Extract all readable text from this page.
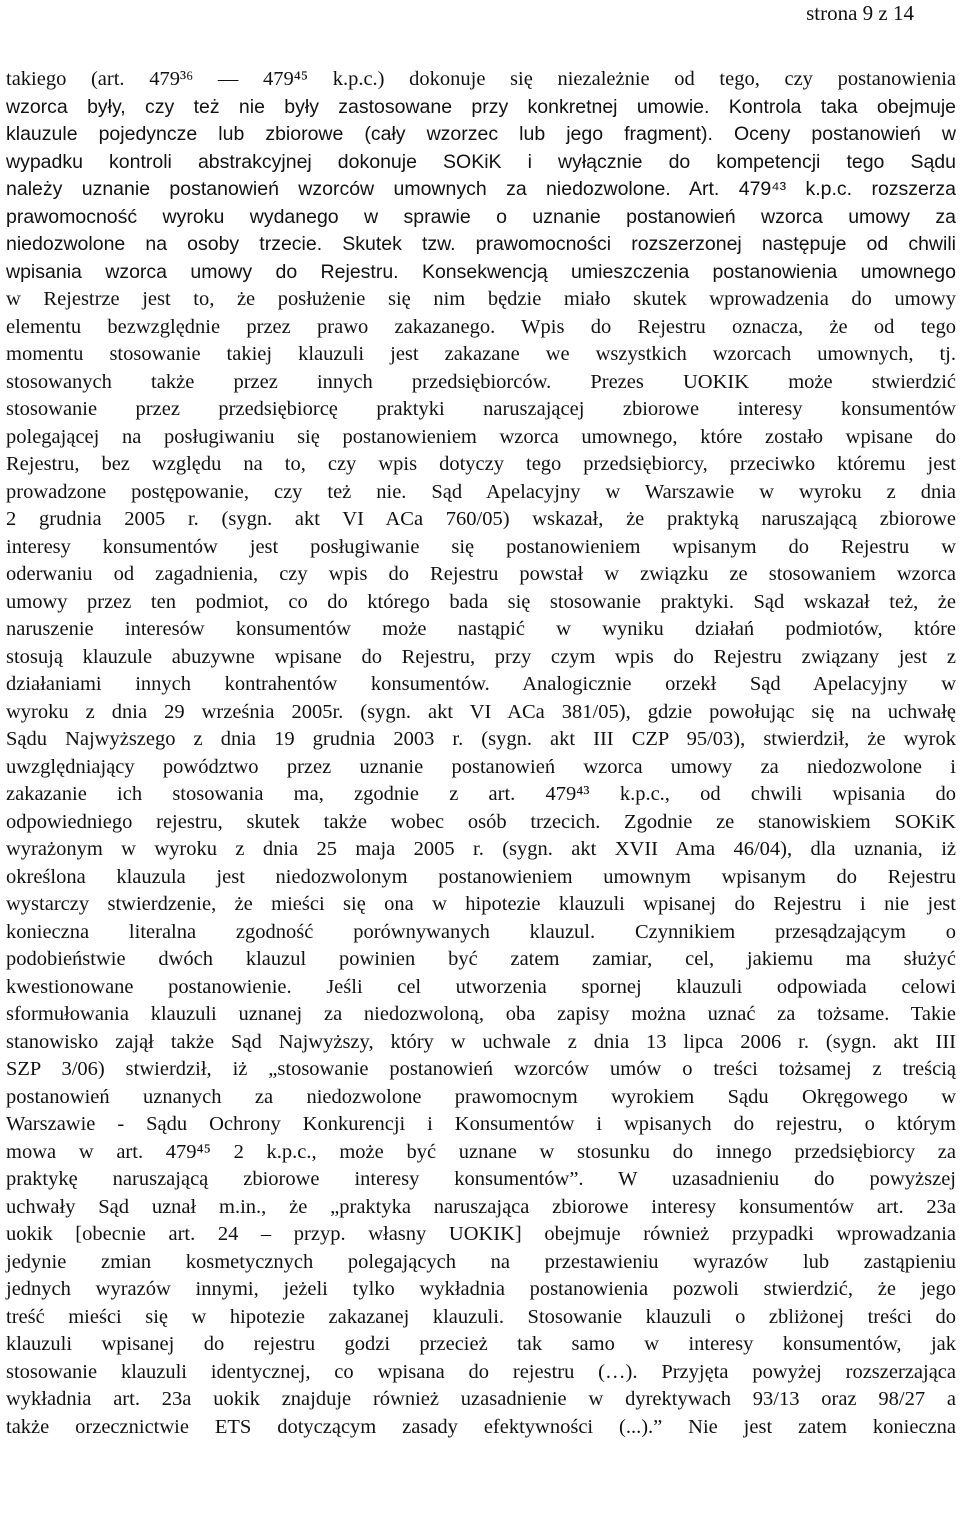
strona 9 z 14
takiego (art. 479³⁶ — 479⁴⁵ k.p.c.) dokonuje się niezależnie od tego, czy postanowienia
wzorca były, czy też nie były zastosowane przy konkretnej umowie. Kontrola taka obejmuje
klauzule pojedyncze lub zbiorowe (cały wzorzec lub jego fragment). Oceny postanowień w
wypadku kontroli abstrakcyjnej dokonuje SOKiK i wyłącznie do kompetencji tego Sądu
należy uznanie postanowień wzorców umownych za niedozwolone. Art. 479⁴³ k.p.c. rozszerza
prawomocność wyroku wydanego w sprawie o uznanie postanowień wzorca umowy za
niedozwolone na osoby trzecie. Skutek tzw. prawomocności rozszerzonej następuje od chwili
wpisania wzorca umowy do Rejestru. Konsekwencją umieszczenia postanowienia umownego
w Rejestrze jest to, że posłużenie się nim będzie miało skutek wprowadzenia do umowy
elementu bezwzględnie przez prawo zakazanego. Wpis do Rejestru oznacza, że od tego
momentu stosowanie takiej klauzuli jest zakazane we wszystkich wzorcach umownych, tj.
stosowanych także przez innych przedsiębiorców. Prezes UOKIK może stwierdzić
stosowanie przez przedsiębiorcę praktyki naruszającej zbiorowe interesy konsumentów
polegającej na posługiwaniu się postanowieniem wzorca umownego, które zostało wpisane do
Rejestru, bez względu na to, czy wpis dotyczy tego przedsiębiorcy, przeciwko któremu jest
prowadzone postępowanie, czy też nie. Sąd Apelacyjny w Warszawie w wyroku z dnia
2 grudnia 2005 r. (sygn. akt VI ACa 760/05) wskazał, że praktyką naruszającą zbiorowe
interesy konsumentów jest posługiwanie się postanowieniem wpisanym do Rejestru w
oderwaniu od zagadnienia, czy wpis do Rejestru powstał w związku ze stosowaniem wzorca
umowy przez ten podmiot, co do którego bada się stosowanie praktyki. Sąd wskazał też, że
naruszenie interesów konsumentów może nastąpić w wyniku działań podmiotów, które
stosują klauzule abuzywne wpisane do Rejestru, przy czym wpis do Rejestru związany jest z
działaniami innych kontrahentów konsumentów. Analogicznie orzekł Sąd Apelacyjny w
wyroku z dnia 29 września 2005r. (sygn. akt VI ACa 381/05), gdzie powołując się na uchwałę
Sądu Najwyższego z dnia 19 grudnia 2003 r. (sygn. akt III CZP 95/03), stwierdził, że wyrok
uwzględniający powództwo przez uznanie postanowień wzorca umowy za niedozwolone i
zakazanie ich stosowania ma, zgodnie z art. 479⁴³ k.p.c., od chwili wpisania do
odpowiedniego rejestru, skutek także wobec osób trzecich. Zgodnie ze stanowiskiem SOKiK
wyrażonym w wyroku z dnia 25 maja 2005 r. (sygn. akt XVII Ama 46/04), dla uznania, iż
określona klauzula jest niedozwolonym postanowieniem umownym wpisanym do Rejestru
wystarczy stwierdzenie, że mieści się ona w hipotezie klauzuli wpisanej do Rejestru i nie jest
konieczna literalna zgodność porównywanych klauzul. Czynnikiem przesądzającym o
podobieństwie dwóch klauzul powinien być zatem zamiar, cel, jakiemu ma służyć
kwestionowane postanowienie. Jeśli cel utworzenia spornej klauzuli odpowiada celowi
sformułowania klauzuli uznanej za niedozwoloną, oba zapisy można uznać za tożsame. Takie
stanowisko zajął także Sąd Najwyższy, który w uchwale z dnia 13 lipca 2006 r. (sygn. akt III
SZP 3/06) stwierdził, iż „stosowanie postanowień wzorców umów o treści tożsamej z treścią
postanowień uznanych za niedozwolone prawomocnym wyrokiem Sądu Okręgowego w
Warszawie - Sądu Ochrony Konkurencji i Konsumentów i wpisanych do rejestru, o którym
mowa w art. 479⁴⁵ 2 k.p.c., może być uznane w stosunku do innego przedsiębiorcy za
praktykę naruszającą zbiorowe interesy konsumentów”. W uzasadnieniu do powyższej
uchwały Sąd uznał m.in., że „praktyka naruszająca zbiorowe interesy konsumentów art. 23a
uokik [obecnie art. 24 – przyp. własny UOKIK] obejmuje również przypadki wprowadzania
jedynie zmian kosmetycznych polegających na przestawieniu wyrazów lub zastąpieniu
jednych wyrazów innymi, jeżeli tylko wykładnia postanowienia pozwoli stwierdzić, że jego
treść mieści się w hipotezie zakazanej klauzuli. Stosowanie klauzuli o zbliżonej treści do
klauzuli wpisanej do rejestru godzi przecież tak samo w interesy konsumentów, jak
stosowanie klauzuli identycznej, co wpisana do rejestru (…). Przyjęta powyżej rozszerzająca
wykładnia art. 23a uokik znajduje również uzasadnienie w dyrektywach 93/13 oraz 98/27 a
także orzecznictwie ETS dotyczącym zasady efektywności (...).” Nie jest zatem konieczna
